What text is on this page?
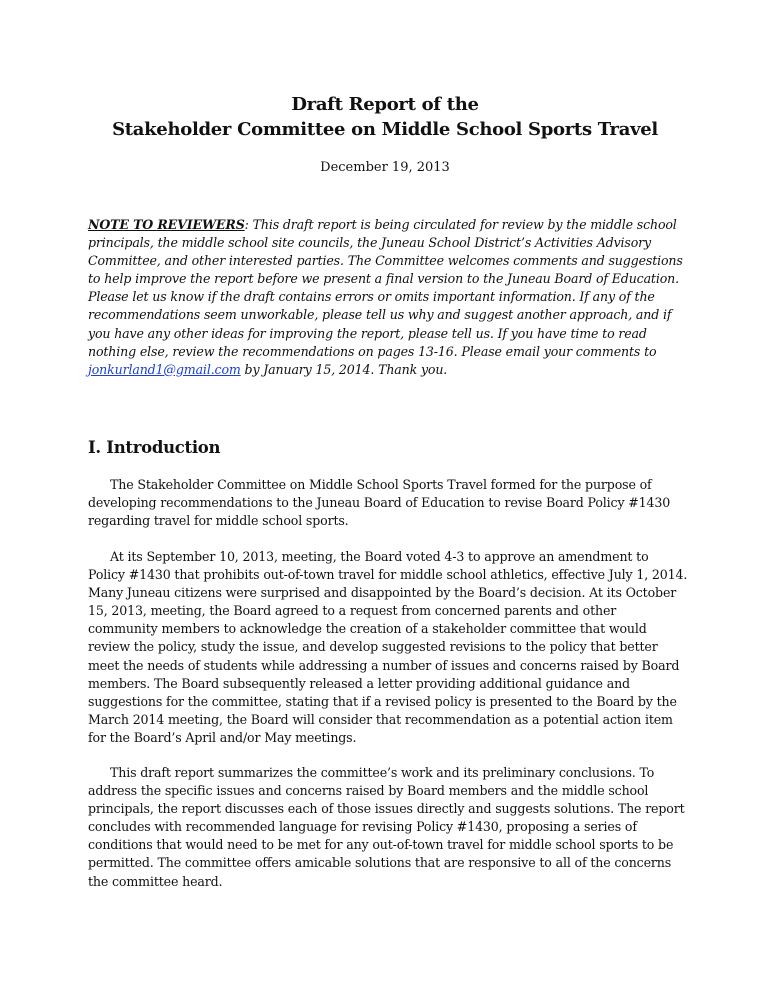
Draft Report of the
Stakeholder Committee on Middle School Sports Travel
December 19, 2013
NOTE TO REVIEWERS: This draft report is being circulated for review by the middle school principals, the middle school site councils, the Juneau School District’s Activities Advisory Committee, and other interested parties. The Committee welcomes comments and suggestions to help improve the report before we present a final version to the Juneau Board of Education. Please let us know if the draft contains errors or omits important information. If any of the recommendations seem unworkable, please tell us why and suggest another approach, and if you have any other ideas for improving the report, please tell us. If you have time to read nothing else, review the recommendations on pages 13-16. Please email your comments to jonkurland1@gmail.com by January 15, 2014. Thank you.
I. Introduction
The Stakeholder Committee on Middle School Sports Travel formed for the purpose of developing recommendations to the Juneau Board of Education to revise Board Policy #1430 regarding travel for middle school sports.
At its September 10, 2013, meeting, the Board voted 4-3 to approve an amendment to Policy #1430 that prohibits out-of-town travel for middle school athletics, effective July 1, 2014. Many Juneau citizens were surprised and disappointed by the Board’s decision. At its October 15, 2013, meeting, the Board agreed to a request from concerned parents and other community members to acknowledge the creation of a stakeholder committee that would review the policy, study the issue, and develop suggested revisions to the policy that better meet the needs of students while addressing a number of issues and concerns raised by Board members. The Board subsequently released a letter providing additional guidance and suggestions for the committee, stating that if a revised policy is presented to the Board by the March 2014 meeting, the Board will consider that recommendation as a potential action item for the Board’s April and/or May meetings.
This draft report summarizes the committee’s work and its preliminary conclusions. To address the specific issues and concerns raised by Board members and the middle school principals, the report discusses each of those issues directly and suggests solutions. The report concludes with recommended language for revising Policy #1430, proposing a series of conditions that would need to be met for any out-of-town travel for middle school sports to be permitted. The committee offers amicable solutions that are responsive to all of the concerns the committee heard.
